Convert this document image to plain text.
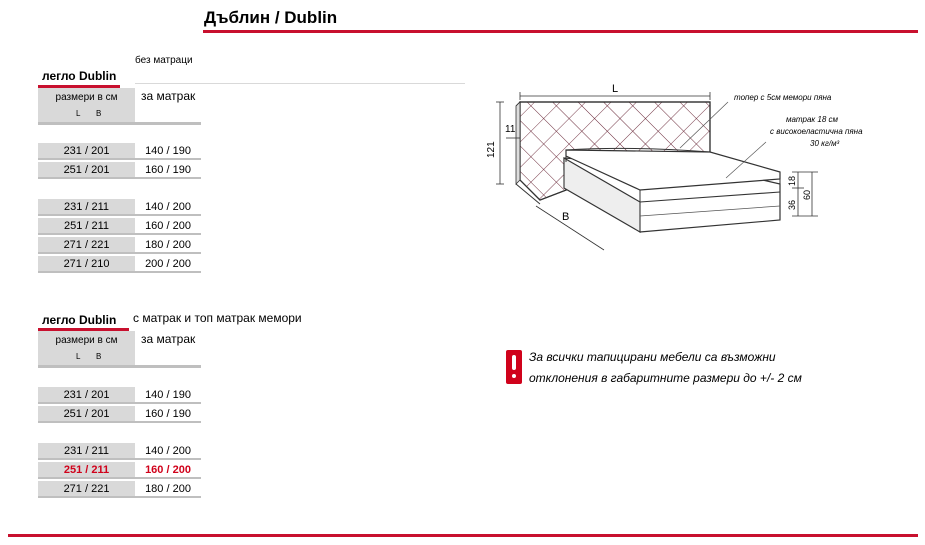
Дъблин / Dublin
без матраци
легло Dublin
размери в см
L B
за матрак
231 / 201	140 / 190
251 / 201	160 / 190
231 / 211	140 / 200
251 / 211	160 / 200
271 / 221	180 / 200
271 / 210	200 / 200
легло Dublin с матрак и топ матрак мемори
размери в см
L B
за матрак
231 / 201	140 / 190
251 / 201	160 / 190
231 / 211	140 / 200
251 / 211	160 / 200
271 / 221	180 / 200
L
B
121
11
18
36
60
топер с 5см мемори пяна
матрак 18 см
с високоеластична пяна
30 кг/м³
За всички тапицирани мебели са възможни
отклонения в габаритните размери до +/- 2 см
